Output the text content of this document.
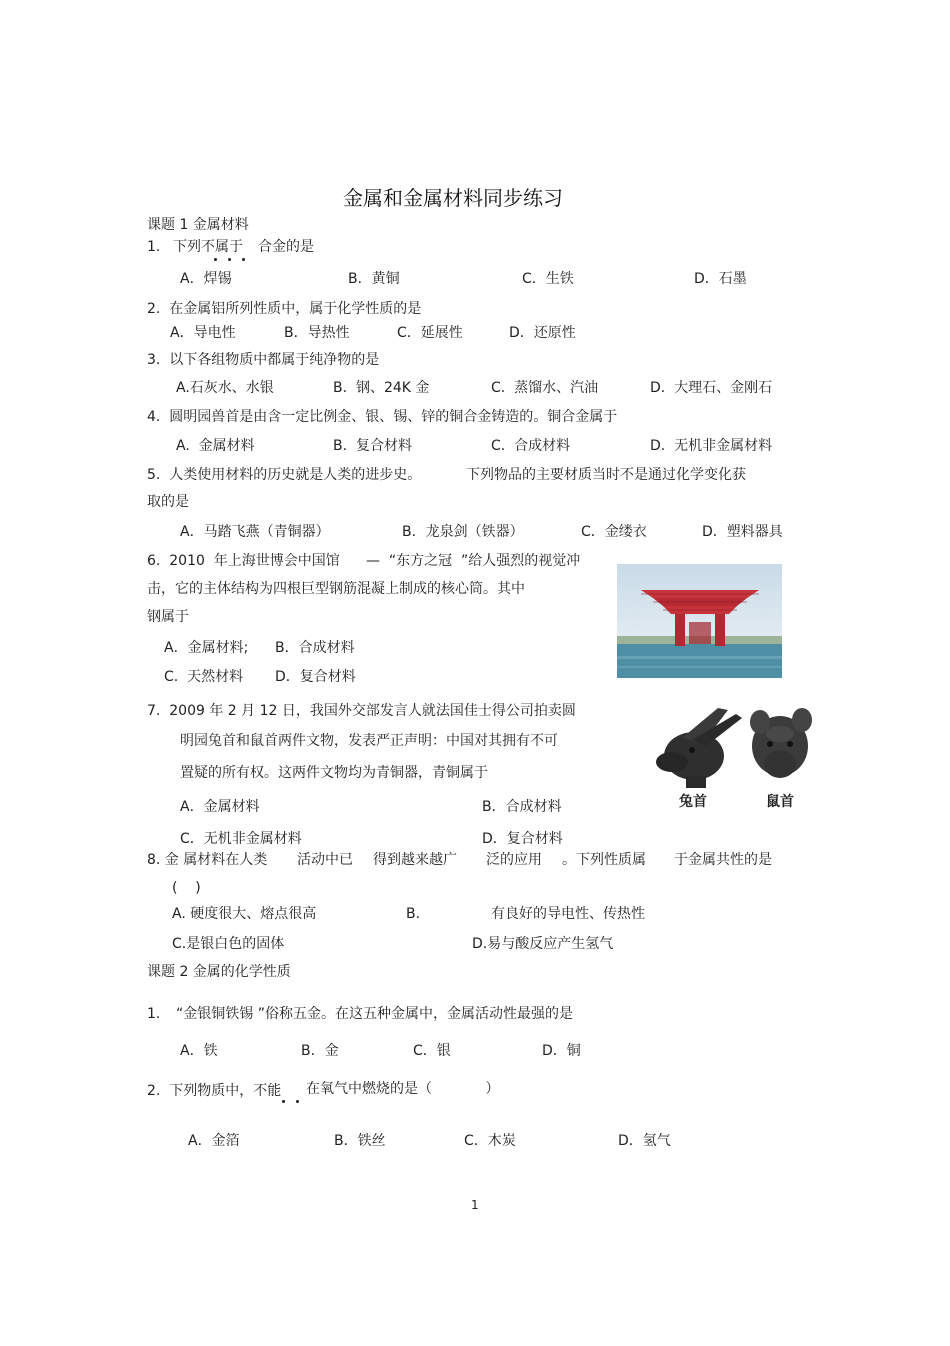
金属和金属材料同步练习
课题 1 金属材料
1. 下列不属于 合金的是
A．焊锡	B．黄铜	C．生铁	D．石墨
2.  在金属铝所列性质中，属于化学性质的是
A．导电性	B．导热性	C．延展性	D．还原性
3.  以下各组物质中都属于纯净物的是
A.石灰水、水银	B.  钢、24K 金	C.  蒸馏水、汽油	D.  大理石、金刚石
4.  圆明园兽首是由含一定比例金、银、锡、锌的铜合金铸造的。铜合金属于
A.  金属材料	B.  复合材料	C.  合成材料	D.  无机非金属材料
5.  人类使用材料的历史就是人类的进步史。	下列物品的主要材质当时不是通过化学变化获
取的是
A．马踏飞燕（青铜器）	B．龙泉剑（铁器）	C．金缕衣	D．塑料器具
6.  2010  年上海世博会中国馆 —  “东方之冠  ”给人强烈的视觉冲
击，它的主体结构为四根巨型钢筋混凝上制成的核心筒。其中
钢属于
A．金属材料; B．合成材料
C.  天然材料 D．复合材料
7.  2009 年 2 月 12 日，我国外交部发言人就法国佳士得公司拍卖圆
明园兔首和鼠首两件文物，发表严正声明：中国对其拥有不可
置疑的所有权。这两件文物均为青铜器，青铜属于
A．金属材料	B．合成材料
C．无机非金属材料	D．复合材料
兔首	鼠首
8. 金 属材料在人类 活动中已 得到越来越广 泛的应用 。下列性质属 于金属共性的是
(    )
A. 硬度很大、熔点很高	B.	有良好的导电性、传热性
C.是银白色的固体	D.易与酸反应产生氢气
课题 2 金属的化学性质
1. “金银铜铁锡 ”俗称五金。在这五种金属中，金属活动性最强的是
A．铁	B．金	C．银	D．铜
2.  下列物质中，不能 在氧气中燃烧的是（            ）
A．金箔	B．铁丝	C．木炭	D．氢气
1
